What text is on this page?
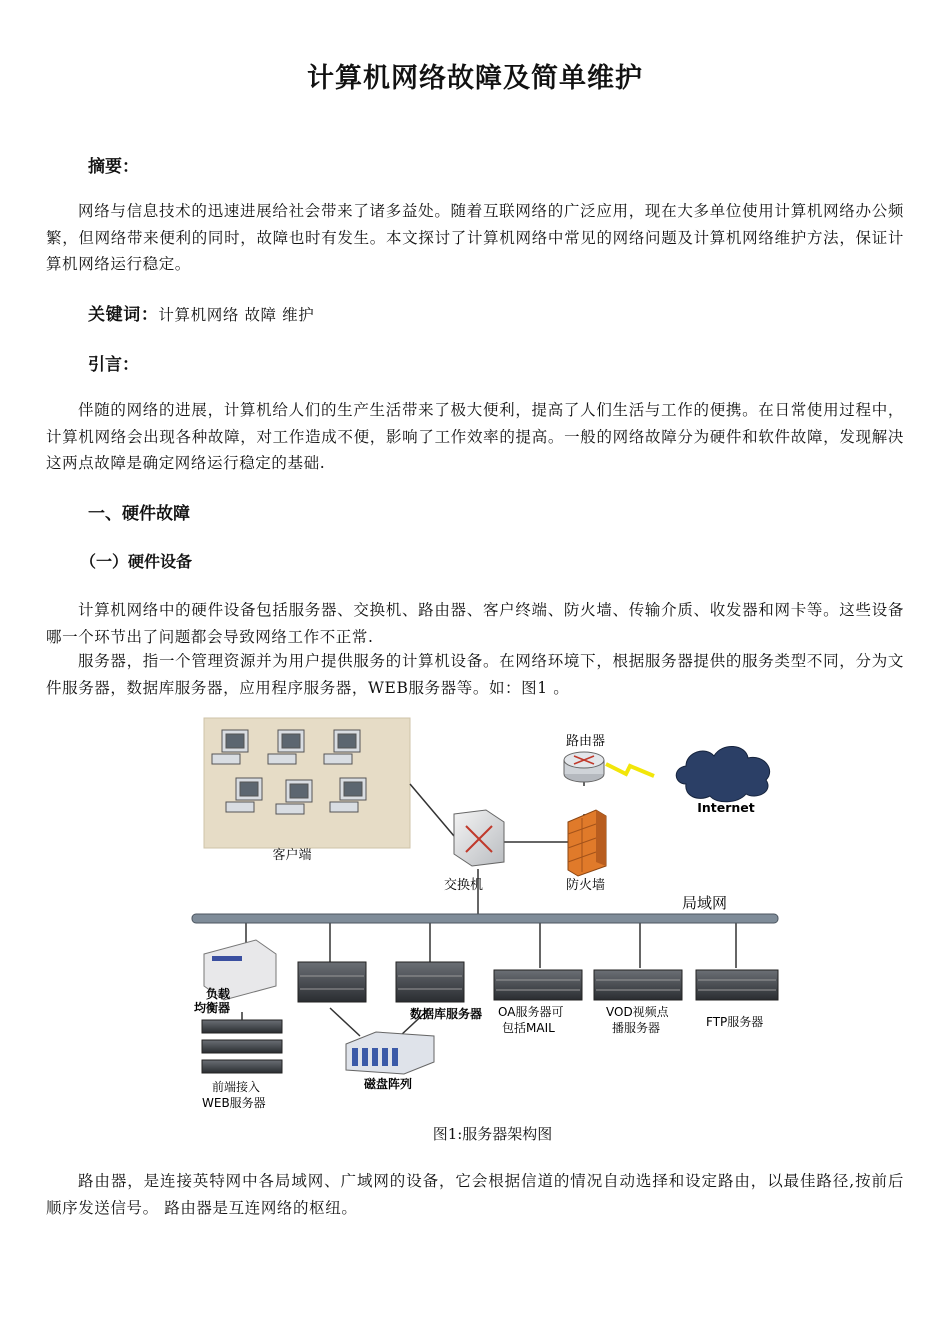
计算机网络故障及简单维护
摘要：
网络与信息技术的迅速进展给社会带来了诸多益处。随着互联网络的广泛应用，现在大多单位使用计算机网络办公频繁，但网络带来便利的同时，故障也时有发生。本文探讨了计算机网络中常见的网络问题及计算机网络维护方法，保证计算机网络运行稳定。
关键词：计算机网络 故障 维护
引言：
伴随的网络的进展，计算机给人们的生产生活带来了极大便利，提高了人们生活与工作的便携。在日常使用过程中，计算机网络会出现各种故障，对工作造成不便，影响了工作效率的提高。一般的网络故障分为硬件和软件故障，发现解决这两点故障是确定网络运行稳定的基础.
一、硬件故障
（一）硬件设备
计算机网络中的硬件设备包括服务器、交换机、路由器、客户终端、防火墙、传输介质、收发器和网卡等。这些设备哪一个环节出了问题都会导致网络工作不正常.
服务器，指一个管理资源并为用户提供服务的计算机设备。在网络环境下，根据服务器提供的服务类型不同，分为文件服务器，数据库服务器，应用程序服务器，WEB服务器等。如：图1 。
客户端
交换机
路由器
Internet
防火墙
局域网
负载
均衡器
前端接入
WEB服务器
数据库服务器
磁盘阵列
OA服务器可
包括MAIL
VOD视频点
播服务器	FTP服务器
图1:服务器架构图
路由器，是连接英特网中各局域网、广域网的设备，它会根据信道的情况自动选择和设定路由，以最佳路径,按前后顺序发送信号。 路由器是互连网络的枢纽。
